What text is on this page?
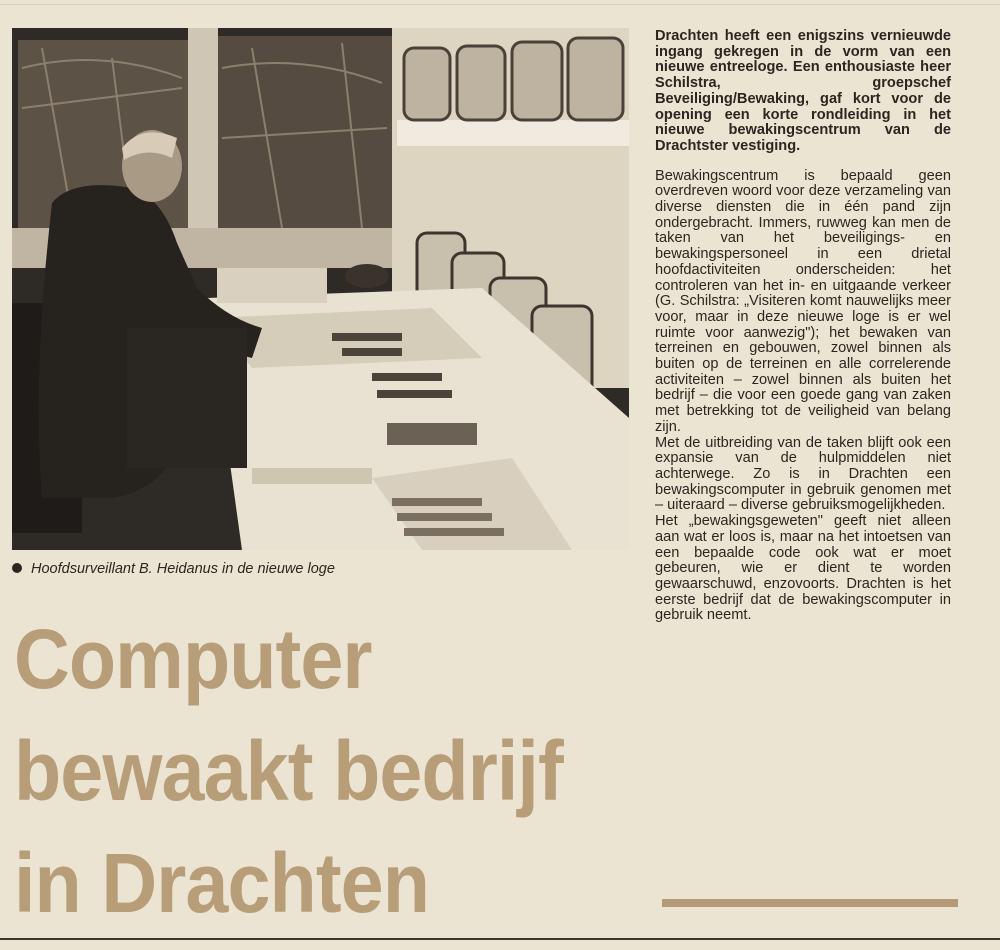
Hoofdsurveillant B. Heidanus in de nieuwe loge
Computer
bewaakt bedrijf
in Drachten

Drachten heeft een enigszins vernieuwde ingang gekregen in de vorm van een nieuwe entreeloge. Een enthousiaste heer Schilstra, groepschef Beveiliging/Bewaking, gaf kort voor de opening een korte rondleiding in het nieuwe bewakingscentrum van de Drachtster vestiging.

Bewakingscentrum is bepaald geen overdreven woord voor deze verzameling van diverse diensten die in één pand zijn ondergebracht. Immers, ruwweg kan men de taken van het beveiligings- en bewakingspersoneel in een drietal hoofdactiviteiten onderscheiden: het controleren van het in- en uitgaande verkeer (G. Schilstra: „Visiteren komt nauwelijks meer voor, maar in deze nieuwe loge is er wel ruimte voor aanwezig"); het bewaken van terreinen en gebouwen, zowel binnen als buiten op de terreinen en alle correlerende activiteiten – zowel binnen als buiten het bedrijf – die voor een goede gang van zaken met betrekking tot de veiligheid van belang zijn.

Met de uitbreiding van de taken blijft ook een expansie van de hulpmiddelen niet achterwege. Zo is in Drachten een bewakingscomputer in gebruik genomen met – uiteraard – diverse gebruiksmogelijkheden.

Het „bewakingsgeweten" geeft niet alleen aan wat er loos is, maar na het intoetsen van een bepaalde code ook wat er moet gebeuren, wie er dient te worden gewaarschuwd, enzovoorts. Drachten is het eerste bedrijf dat de bewakingscomputer in gebruik neemt.
